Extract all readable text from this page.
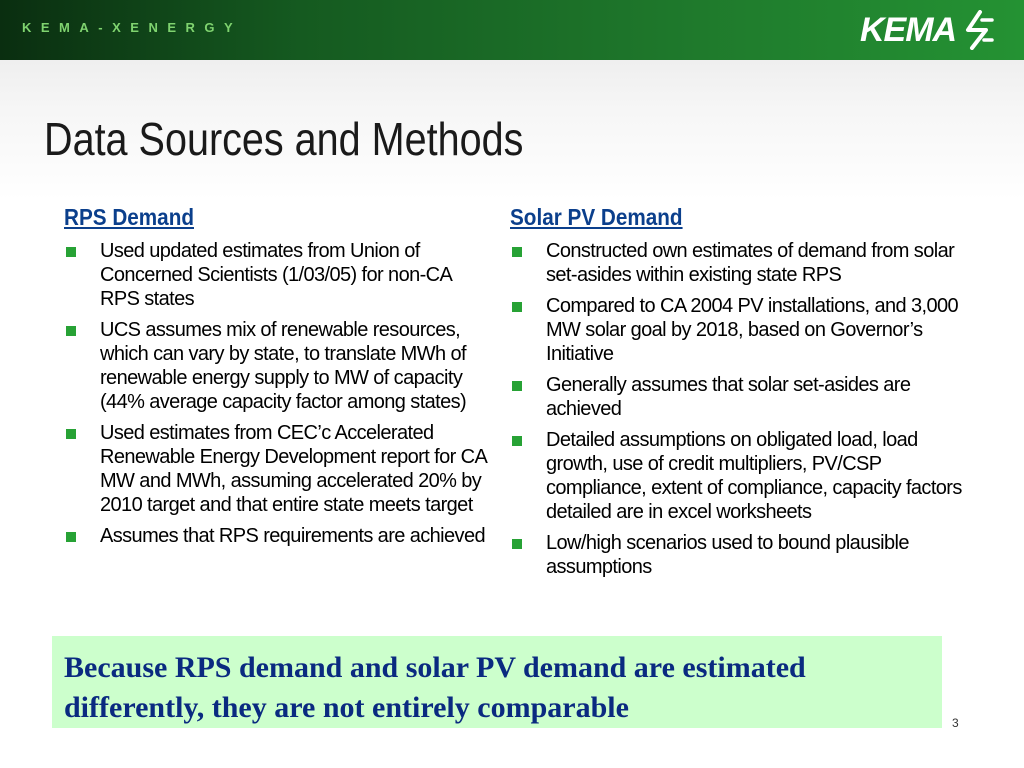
KEMA-XENERGY	KEMA
Data Sources and Methods
RPS Demand
Used updated estimates from Union of Concerned Scientists (1/03/05) for non-CA RPS states
UCS assumes mix of renewable resources, which can vary by state, to translate MWh of renewable energy supply to MW of capacity (44% average capacity factor among states)
Used estimates from CEC’c Accelerated Renewable Energy Development report for CA MW and MWh, assuming accelerated 20% by 2010 target and that entire state meets target
Assumes that RPS requirements are achieved
Solar PV Demand
Constructed own estimates of demand from solar set-asides within existing state RPS
Compared to CA 2004 PV installations, and 3,000 MW solar goal by 2018, based on Governor’s Initiative
Generally assumes that solar set-asides are achieved
Detailed assumptions on obligated load, load growth, use of credit multipliers, PV/CSP compliance, extent of compliance, capacity factors detailed are in excel worksheets
Low/high scenarios used to bound plausible assumptions
Because RPS demand and solar PV demand are estimated differently, they are not entirely comparable	3
